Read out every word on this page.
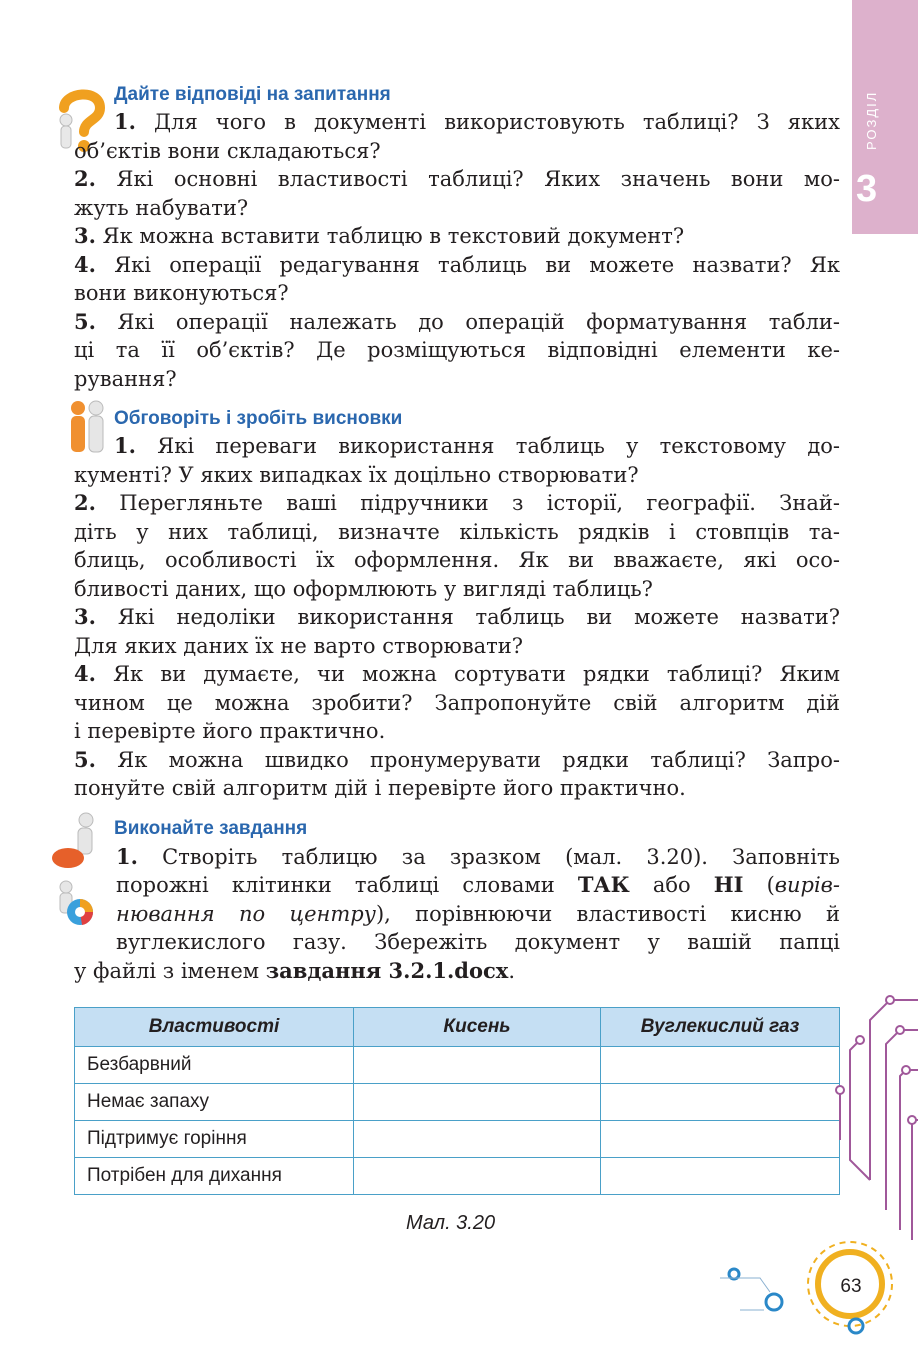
РОЗДІЛ
3
Дайте відповіді на запитання
1. Для чого в документі використовують таблиці? З яких
об’єктів вони складаються?
2. Які основні властивості таблиці? Яких значень вони мо-
жуть набувати?
3. Як можна вставити таблицю в текстовий документ?
4. Які операції редагування таблиць ви можете назвати? Як
вони виконуються?
5. Які операції належать до операцій форматування табли-
ці та її об’єктів? Де розміщуються відповідні елементи ке-
рування?
Обговоріть і зробіть висновки
1. Які переваги використання таблиць у текстовому до-
кументі? У яких випадках їх доцільно створювати?
2. Перегляньте ваші підручники з історії, географії. Знай-
діть у них таблиці, визначте кількість рядків і стовпців та-
блиць, особливості їх оформлення. Як ви вважаєте, які осо-
бливості даних, що оформлюють у вигляді таблиць?
3. Які недоліки використання таблиць ви можете назвати?
Для яких даних їх не варто створювати?
4. Як ви думаєте, чи можна сортувати рядки таблиці? Яким
чином це можна зробити? Запропонуйте свій алгоритм дій
і перевірте його практично.
5. Як можна швидко пронумерувати рядки таблиці? Запро-
понуйте свій алгоритм дій і перевірте його практично.
Виконайте завдання
1. Створіть таблицю за зразком (мал. 3.20). Заповніть
порожні клітинки таблиці словами ТАК або НІ (вирів-
нювання по центру), порівнюючи властивості кисню й
вуглекислого газу. Збережіть документ у вашій папці
у файлі з іменем завдання 3.2.1.docx.
Властивості	Кисень	Вуглекислий газ
Безбарвний		
Немає запаху		
Підтримує горіння		
Потрібен для дихання		
Мал. 3.20
63
